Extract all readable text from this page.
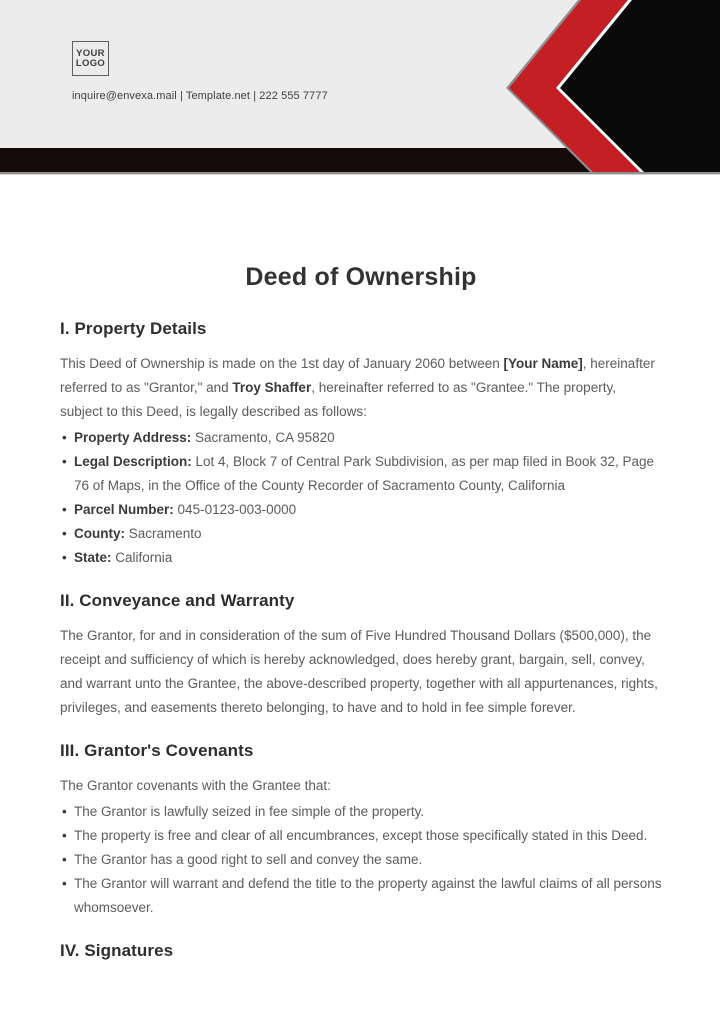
YOUR
LOGO
inquire@envexa.mail | Template.net | 222 555 7777
Deed of Ownership
I. Property Details

This Deed of Ownership is made on the 1st day of January 2060 between [Your Name], hereinafter referred to as "Grantor," and Troy Shaffer, hereinafter referred to as "Grantee." The property, subject to this Deed, is legally described as follows:

• Property Address: Sacramento, CA 95820
• Legal Description: Lot 4, Block 7 of Central Park Subdivision, as per map filed in Book 32, Page 76 of Maps, in the Office of the County Recorder of Sacramento County, California
• Parcel Number: 045-0123-003-0000
• County: Sacramento
• State: California
II. Conveyance and Warranty

The Grantor, for and in consideration of the sum of Five Hundred Thousand Dollars ($500,000), the receipt and sufficiency of which is hereby acknowledged, does hereby grant, bargain, sell, convey, and warrant unto the Grantee, the above-described property, together with all appurtenances, rights, privileges, and easements thereto belonging, to have and to hold in fee simple forever.

III. Grantor's Covenants

The Grantor covenants with the Grantee that:

• The Grantor is lawfully seized in fee simple of the property.
• The property is free and clear of all encumbrances, except those specifically stated in this Deed.
• The Grantor has a good right to sell and convey the same.
• The Grantor will warrant and defend the title to the property against the lawful claims of all persons whomsoever.
IV. Signatures
